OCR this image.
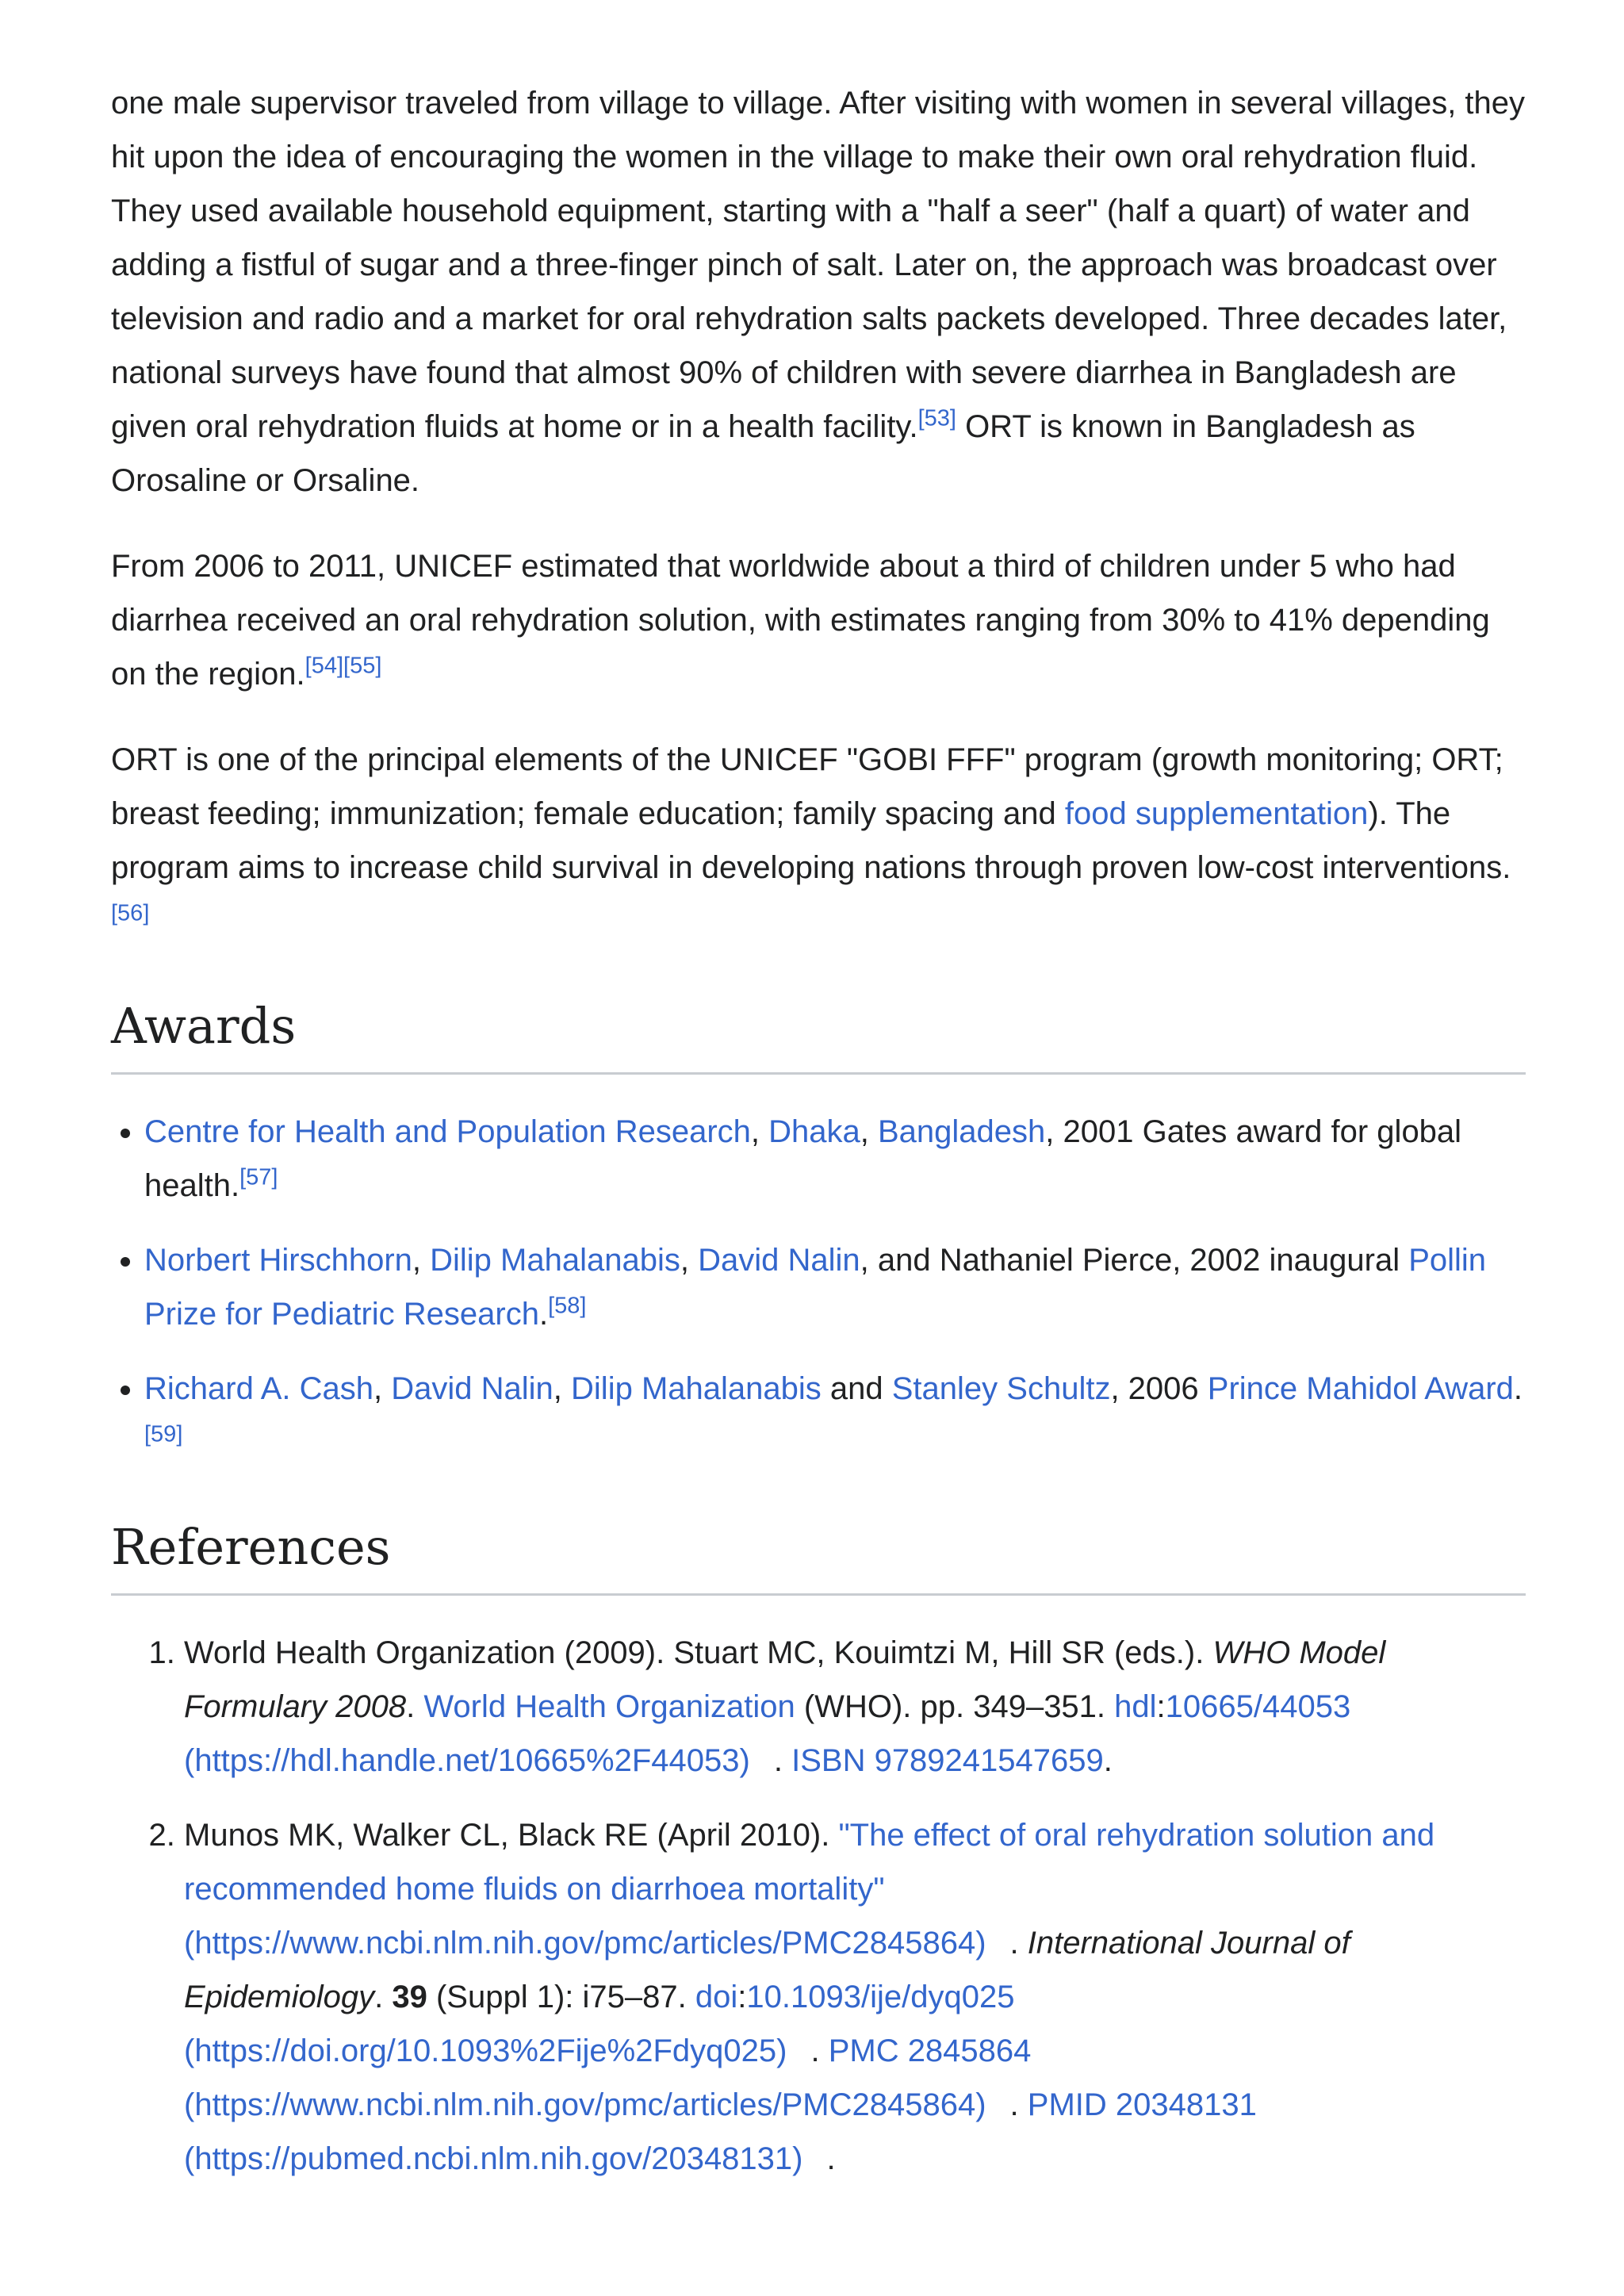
one male supervisor traveled from village to village. After visiting with women in several villages, they hit upon the idea of encouraging the women in the village to make their own oral rehydration fluid. They used available household equipment, starting with a "half a seer" (half a quart) of water and adding a fistful of sugar and a three-finger pinch of salt. Later on, the approach was broadcast over television and radio and a market for oral rehydration salts packets developed. Three decades later, national surveys have found that almost 90% of children with severe diarrhea in Bangladesh are given oral rehydration fluids at home or in a health facility.[53] ORT is known in Bangladesh as Orosaline or Orsaline.

From 2006 to 2011, UNICEF estimated that worldwide about a third of children under 5 who had diarrhea received an oral rehydration solution, with estimates ranging from 30% to 41% depending on the region.[54][55]

ORT is one of the principal elements of the UNICEF "GOBI FFF" program (growth monitoring; ORT; breast feeding; immunization; female education; family spacing and food supplementation). The program aims to increase child survival in developing nations through proven low-cost interventions.[56]

Awards
• Centre for Health and Population Research, Dhaka, Bangladesh, 2001 Gates award for global health.[57]
• Norbert Hirschhorn, Dilip Mahalanabis, David Nalin, and Nathaniel Pierce, 2002 inaugural Pollin Prize for Pediatric Research.[58]
• Richard A. Cash, David Nalin, Dilip Mahalanabis and Stanley Schultz, 2006 Prince Mahidol Award.[59]
References
1. World Health Organization (2009). Stuart MC, Kouimtzi M, Hill SR (eds.). WHO Model Formulary 2008. World Health Organization (WHO). pp. 349–351. hdl:10665/44053 (https://hdl.handle.net/10665%2F44053) . ISBN 9789241547659.
2. Munos MK, Walker CL, Black RE (April 2010). "The effect of oral rehydration solution and recommended home fluids on diarrhoea mortality" (https://www.ncbi.nlm.nih.gov/pmc/articles/PMC2845864) . International Journal of Epidemiology. 39 (Suppl 1): i75–87. doi:10.1093/ije/dyq025 (https://doi.org/10.1093%2Fije%2Fdyq025) . PMC 2845864 (https://www.ncbi.nlm.nih.gov/pmc/articles/PMC2845864) . PMID 20348131 (https://pubmed.ncbi.nlm.nih.gov/20348131) .
